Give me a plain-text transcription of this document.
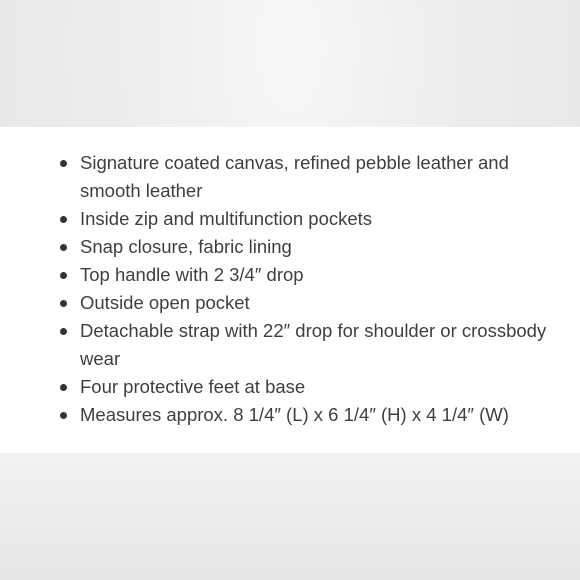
Signature coated canvas, refined pebble leather and smooth leather
Inside zip and multifunction pockets
Snap closure, fabric lining
Top handle with 2 3/4″ drop
Outside open pocket
Detachable strap with 22″ drop for shoulder or crossbody wear
Four protective feet at base
Measures approx. 8 1/4″ (L) x 6 1/4″ (H) x 4 1/4″ (W)
